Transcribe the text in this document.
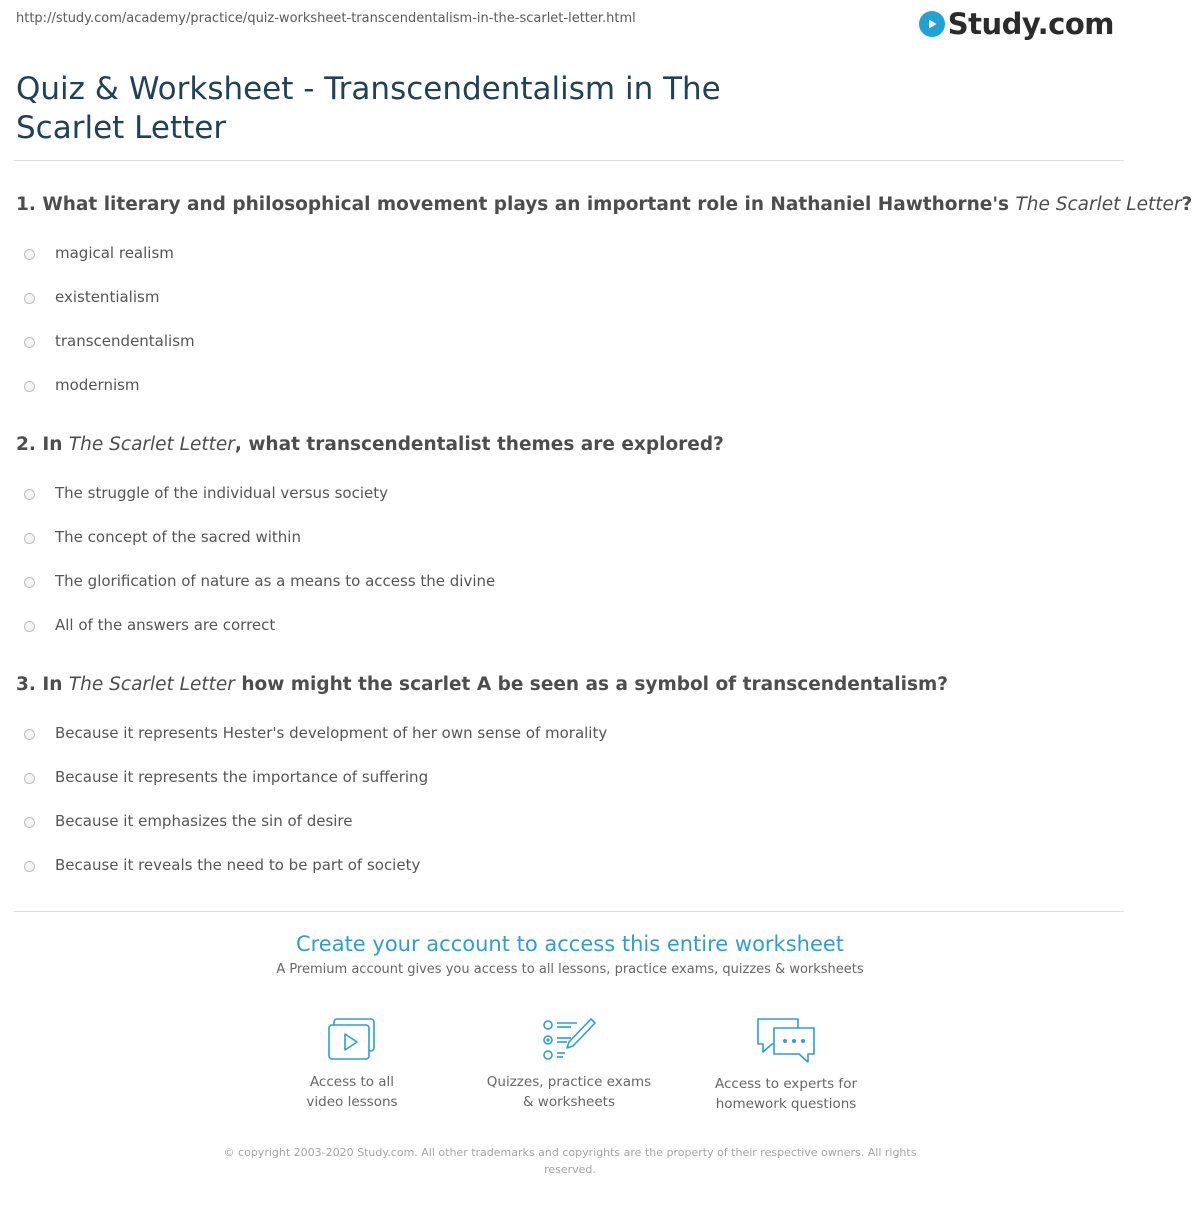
http://study.com/academy/practice/quiz-worksheet-transcendentalism-in-the-scarlet-letter.html	Study.com
Quiz & Worksheet - Transcendentalism in The Scarlet Letter

1. What literary and philosophical movement plays an important role in Nathaniel Hawthorne's The Scarlet Letter?

magical realism
existentialism
transcendentalism
modernism

2. In The Scarlet Letter, what transcendentalist themes are explored?

The struggle of the individual versus society
The concept of the sacred within
The glorification of nature as a means to access the divine
All of the answers are correct

3. In The Scarlet Letter how might the scarlet A be seen as a symbol of transcendentalism?

Because it represents Hester's development of her own sense of morality
Because it represents the importance of suffering
Because it emphasizes the sin of desire
Because it reveals the need to be part of society
Create your account to access this entire worksheet
A Premium account gives you access to all lessons, practice exams, quizzes & worksheets
Access to all
video lessons
Quizzes, practice exams
& worksheets
Access to experts for
homework questions
© copyright 2003-2020 Study.com. All other trademarks and copyrights are the property of their respective owners. All rights reserved.
